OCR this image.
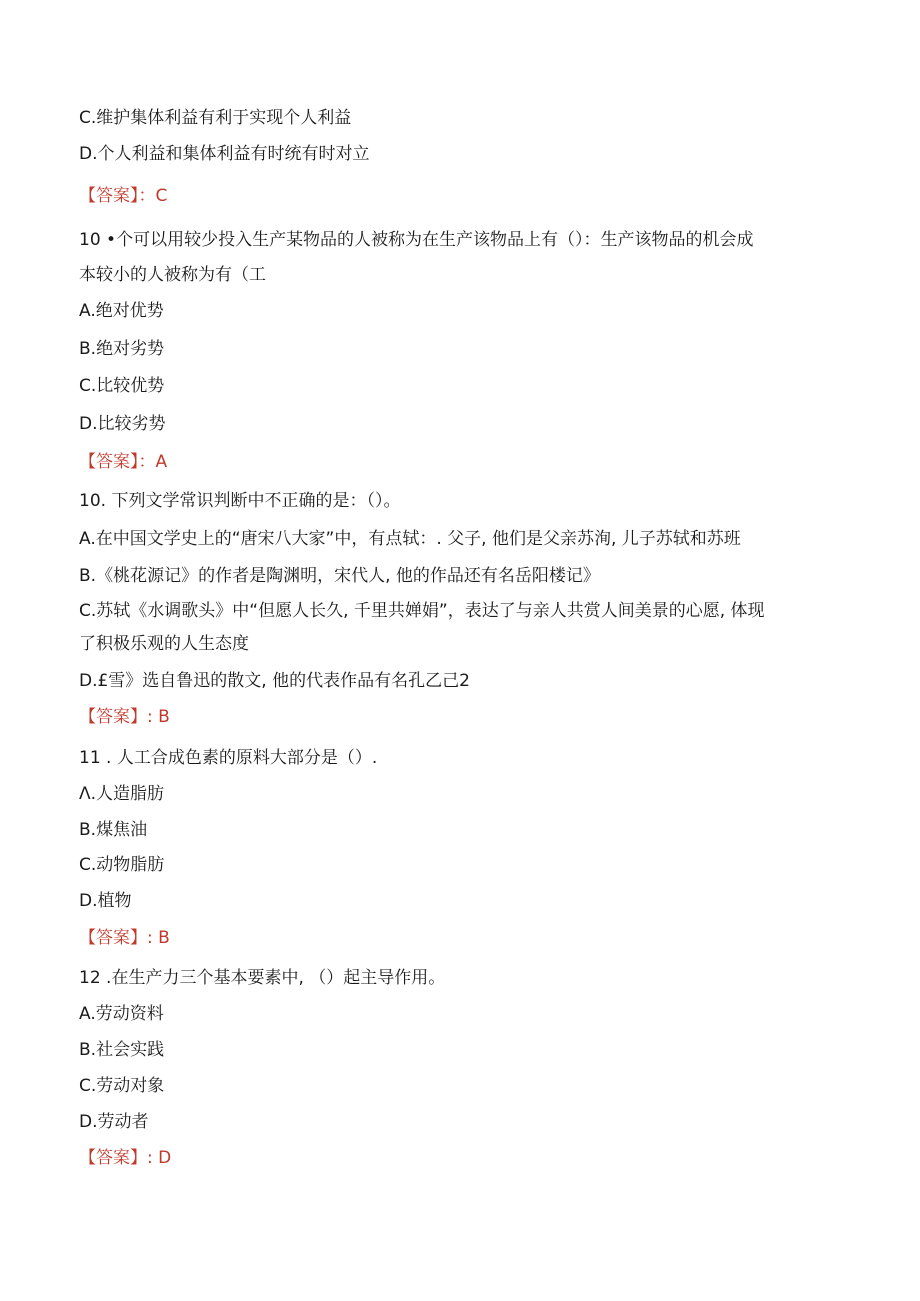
C.维护集体利益有利于实现个人利益
D.个人利益和集体利益有时统有时对立
【答案】：C
10 •个可以用较少投入生产某物品的人被称为在生产该物品上有（）：生产该物品的机会成
本较小的人被称为有（工
A.绝对优势
B.绝对劣势
C.比较优势
D.比较劣势
【答案】：A
10. 下列文学常识判断中不正确的是：（）。
A.在中国文学史上的“唐宋八大家”中，有点轼：. 父子, 他们是父亲苏洵, 儿子苏轼和苏班
B.《桃花源记》的作者是陶渊明，宋代人, 他的作品还有名岳阳楼记》
C.苏轼《水调歌头》中“但愿人长久, 千里共婵娟”，表达了与亲人共赏人间美景的心愿, 体现
了积极乐观的人生态度
D.£雪》选自鲁迅的散文, 他的代表作品有名孔乙己2
【答案】: B
11 . 人工合成色素的原料大部分是（）.
Λ.人造脂肪
B.煤焦油
C.动物脂肪
D.植物
【答案】: B
12 .在生产力三个基本要素中, （）起主导作用。
A.劳动资料
B.社会实践
C.劳动对象
D.劳动者
【答案】: D
